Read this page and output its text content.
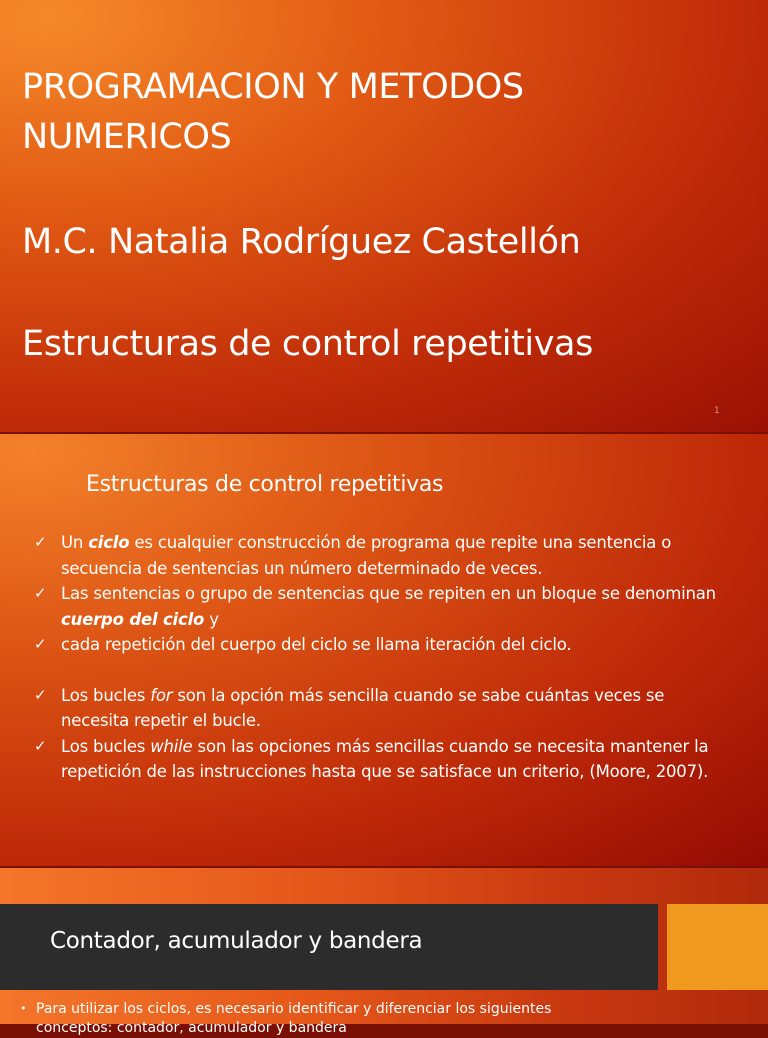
PROGRAMACION Y METODOS
NUMERICOS
M.C. Natalia Rodríguez Castellón
Estructuras de control repetitivas
1
Estructuras de control repetitivas
✓ Un ciclo es cualquier construcción de programa que repite una sentencia o secuencia de sentencias un número determinado de veces.
✓ Las sentencias o grupo de sentencias que se repiten en un bloque se denominan cuerpo del ciclo y
✓ cada repetición del cuerpo del ciclo se llama iteración del ciclo.
✓ Los bucles for son la opción más sencilla cuando se sabe cuántas veces se necesita repetir el bucle.
✓ Los bucles while son las opciones más sencillas cuando se necesita mantener la repetición de las instrucciones hasta que se satisface un criterio, (Moore, 2007).
Contador, acumulador y bandera
• Para utilizar los ciclos, es necesario identificar y diferenciar los siguientes
conceptos: contador, acumulador y bandera
